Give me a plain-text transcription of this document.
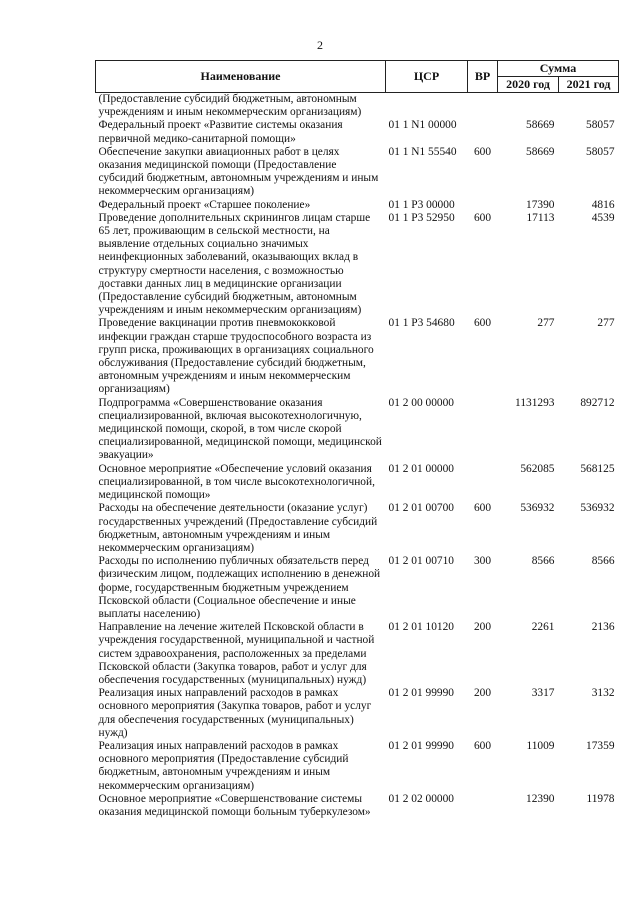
2
Наименование	ЦСР	ВР	Сумма	
			2020 год	2021 год
(Предоставление субсидий бюджетным, автономным учреждениям и иным некоммерческим организациям)				
Федеральный проект «Развитие системы оказания первичной медико-санитарной помощи»	01 1 N1 00000		58669	58057
Обеспечение закупки авиационных работ в целях оказания медицинской помощи (Предоставление субсидий бюджетным, автономным учреждениям и иным некоммерческим организациям)	01 1 N1 55540	600	58669	58057
Федеральный проект «Старшее поколение»	01 1 P3 00000		17390	4816
Проведение дополнительных скринингов лицам старше 65 лет, проживающим в сельской местности, на выявление отдельных социально значимых неинфекционных заболеваний, оказывающих вклад в структуру смертности населения, с возможностью доставки данных лиц в медицинские организации (Предоставление субсидий бюджетным, автономным учреждениям и иным некоммерческим организациям)	01 1 P3 52950	600	17113	4539
Проведение вакцинации против пневмококковой инфекции граждан старше трудоспособного возраста из групп риска, проживающих в организациях социального обслуживания (Предоставление субсидий бюджетным, автономным учреждениям и иным некоммерческим организациям)	01 1 P3 54680	600	277	277
Подпрограмма «Совершенствование оказания специализированной, включая высокотехнологичную, медицинской помощи, скорой, в том числе скорой специализированной, медицинской помощи, медицинской эвакуации»	01 2 00 00000		1131293	892712
Основное мероприятие «Обеспечение условий оказания специализированной, в том числе высокотехнологичной, медицинской помощи»	01 2 01 00000		562085	568125
Расходы на обеспечение деятельности (оказание услуг) государственных учреждений (Предоставление субсидий бюджетным, автономным учреждениям и иным некоммерческим организациям)	01 2 01 00700	600	536932	536932
Расходы по исполнению публичных обязательств перед физическим лицом, подлежащих исполнению в денежной форме, государственным бюджетным учреждением Псковской области (Социальное обеспечение и иные выплаты населению)	01 2 01 00710	300	8566	8566
Направление на лечение жителей Псковской области в учреждения государственной, муниципальной и частной систем здравоохранения, расположенных за пределами Псковской области (Закупка товаров, работ и услуг для обеспечения государственных (муниципальных) нужд)	01 2 01 10120	200	2261	2136
Реализация иных направлений расходов в рамках основного мероприятия (Закупка товаров, работ и услуг для обеспечения государственных (муниципальных) нужд)	01 2 01 99990	200	3317	3132
Реализация иных направлений расходов в рамках основного мероприятия (Предоставление субсидий бюджетным, автономным учреждениям и иным некоммерческим организациям)	01 2 01 99990	600	11009	17359
Основное мероприятие «Совершенствование системы оказания медицинской помощи больным туберкулезом»	01 2 02 00000		12390	11978
